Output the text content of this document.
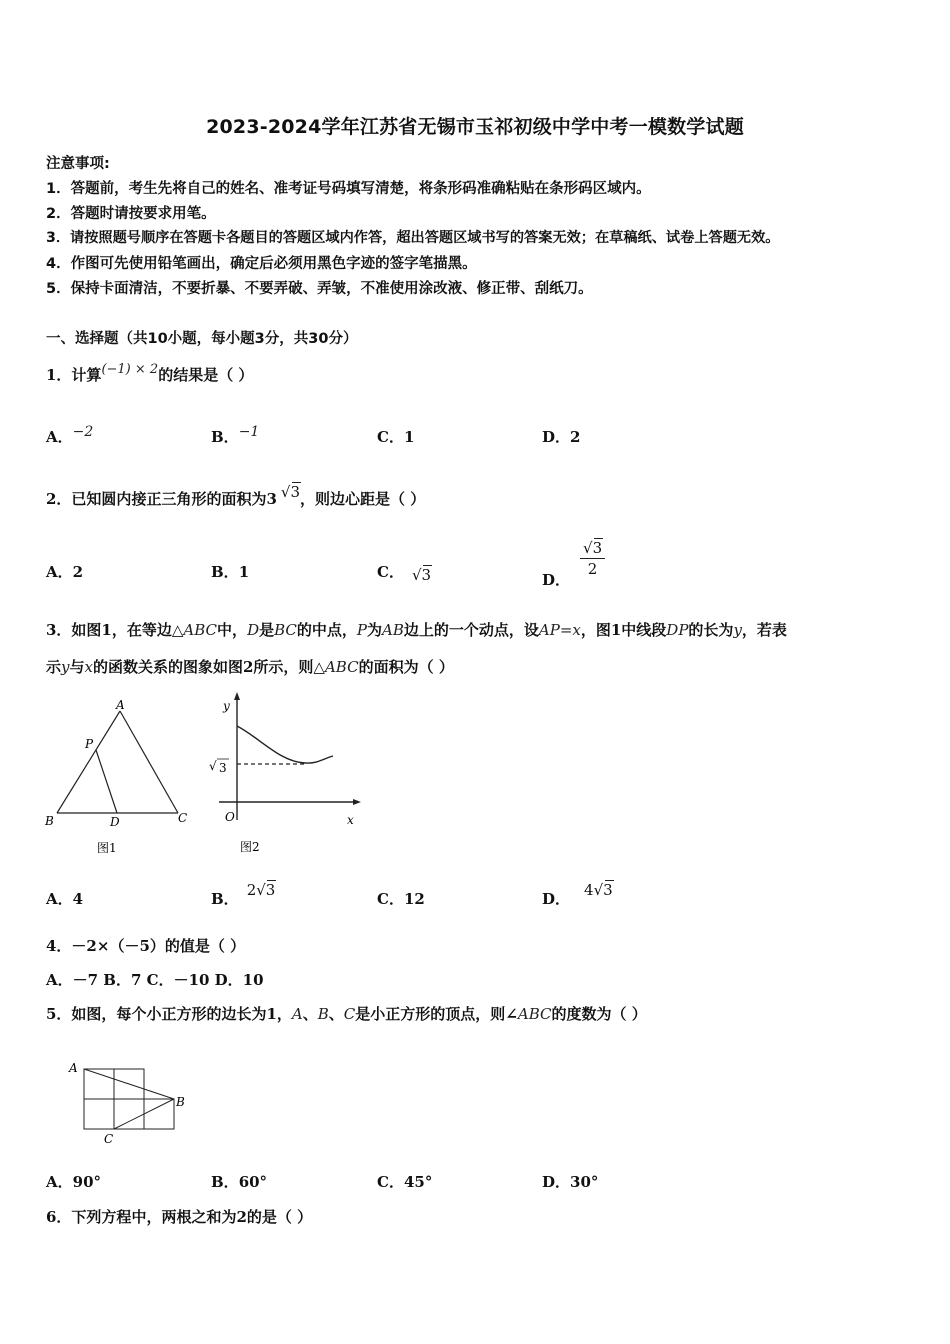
2023-2024学年江苏省无锡市玉祁初级中学中考一模数学试题
注意事项:
1．答题前，考生先将自己的姓名、准考证号码填写清楚，将条形码准确粘贴在条形码区域内。
2．答题时请按要求用笔。
3．请按照题号顺序在答题卡各题目的答题区域内作答，超出答题区域书写的答案无效；在草稿纸、试卷上答题无效。
4．作图可先使用铅笔画出，确定后必须用黑色字迹的签字笔描黑。
5．保持卡面清洁，不要折暴、不要弄破、弄皱，不准使用涂改液、修正带、刮纸刀。
一、选择题（共10小题，每小题3分，共30分）
1．计算(−1) × 2的结果是（ ）
A．−2	B．−1	C．1	D．2
2．已知圆内接正三角形的面积为3 √
3，则边心距是（ ）
A．2	B．1	C． √
3	D．
√
3
2
3．如图1，在等边△ABC中，D是BC的中点，P为AB边上的一个动点，设AP=x，图1中线段DP的长为y，若表
示y与x的函数关系的图象如图2所示，则△ABC的面积为（ ）
A
P
B	D	C
图1
y
√ 3
O	x
图2
A．4	B． 2√
3	C．12	D． 4√
3
4．－2×（－5）的值是（ ）
A．－7 B．7 C．－10 D．10
5．如图，每个小正方形的边长为1，A、B、C是小正方形的顶点，则∠ABC的度数为（ ）
A
B
C
A．90°	B．60°	C．45°	D．30°
6．下列方程中，两根之和为2的是（ ）
